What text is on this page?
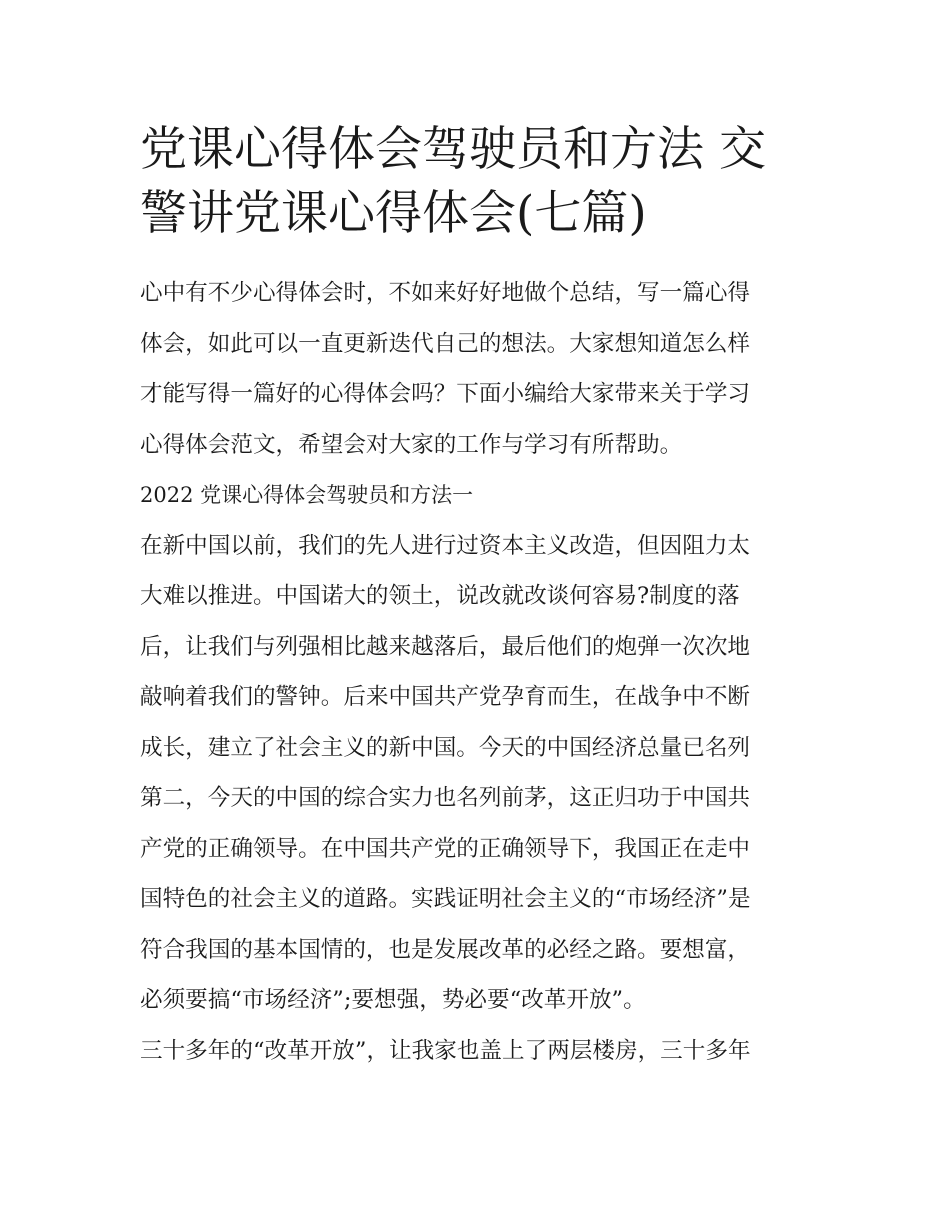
党课心得体会驾驶员和方法 交
警讲党课心得体会(七篇)
心中有不少心得体会时，不如来好好地做个总结，写一篇心得
体会，如此可以一直更新迭代自己的想法。大家想知道怎么样
才能写得一篇好的心得体会吗？下面小编给大家带来关于学习
心得体会范文，希望会对大家的工作与学习有所帮助。
2022 党课心得体会驾驶员和方法一
在新中国以前，我们的先人进行过资本主义改造，但因阻力太
大难以推进。中国诺大的领土，说改就改谈何容易?制度的落
后，让我们与列强相比越来越落后，最后他们的炮弹一次次地
敲响着我们的警钟。后来中国共产党孕育而生，在战争中不断
成长，建立了社会主义的新中国。今天的中国经济总量已名列
第二，今天的中国的综合实力也名列前茅，这正归功于中国共
产党的正确领导。在中国共产党的正确领导下，我国正在走中
国特色的社会主义的道路。实践证明社会主义的“市场经济”是
符合我国的基本国情的，也是发展改革的必经之路。要想富，
必须要搞“市场经济”;要想强，势必要“改革开放”。
三十多年的“改革开放”，让我家也盖上了两层楼房，三十多年
